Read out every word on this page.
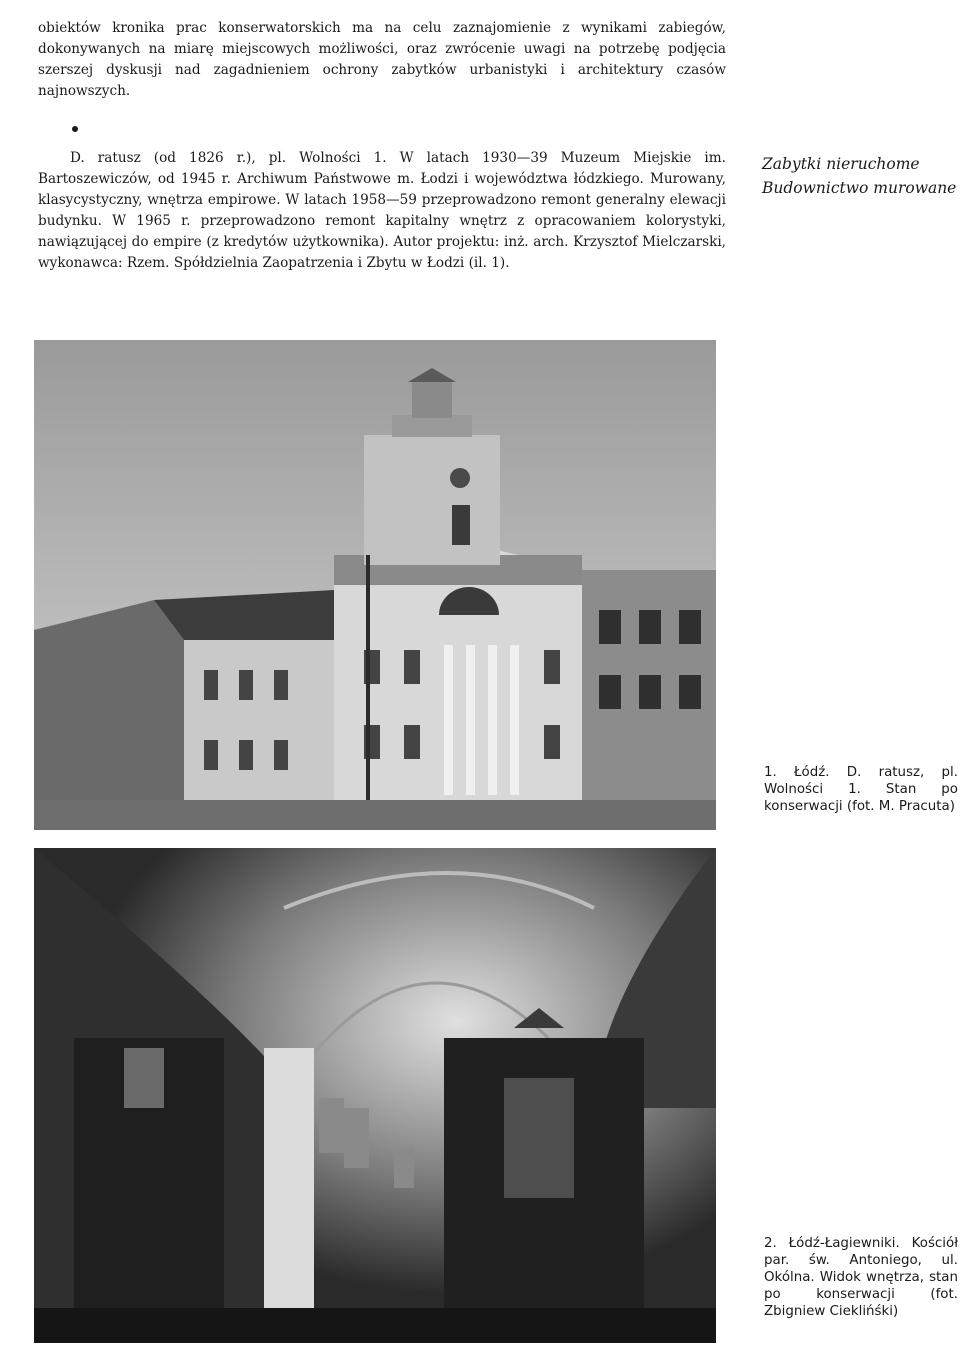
obiektów kronika prac konserwatorskich ma na celu zaznajomienie z wynikami zabiegów, dokonywanych na miarę miejscowych możliwości, oraz zwrócenie uwagi na potrzebę podjęcia szerszej dyskusji nad zagadnieniem ochrony zabytków urbanistyki i architektury czasów najnowszych.

D. ratusz (od 1826 r.), pl. Wolności 1. W latach 1930—39 Muzeum Miejskie im. Bartoszewiczów, od 1945 r. Archiwum Państwowe m. Łodzi i województwa łódzkiego. Murowany, klasycystyczny, wnętrza empirowe. W latach 1958—59 przeprowadzono remont generalny elewacji budynku. W 1965 r. przeprowadzono remont kapitalny wnętrz z opracowaniem kolorystyki, nawiązującej do empire (z kredytów użytkownika). Autor projektu: inż. arch. Krzysztof Mielczarski, wykonawca: Rzem. Spółdzielnia Zaopatrzenia i Zbytu w Łodzi (il. 1).

Zabytki nieruchome
Budownictwo murowane

1. Łódź. D. ratusz, pl. Wolności 1. Stan po konserwacji (fot. M. Pracuta)

2. Łódź-Łagiewniki. Kościół par. św. Antoniego, ul. Okólna. Widok wnętrza, stan po konserwacji (fot. Zbigniew Cieklińśki)
